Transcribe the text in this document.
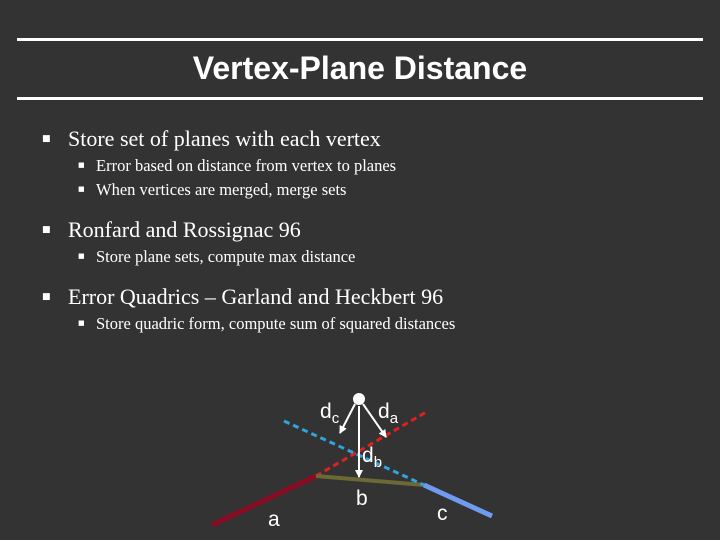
Vertex-Plane Distance
■ Store set of planes with each vertex
■ Error based on distance from vertex to planes
■ When vertices are merged, merge sets
■ Ronfard and Rossignac 96
■ Store plane sets, compute max distance
■ Error Quadrics – Garland and Heckbert 96
■ Store quadric form, compute sum of squared distances
$d_c$ $d_a$
$d_b$
a
b
c
